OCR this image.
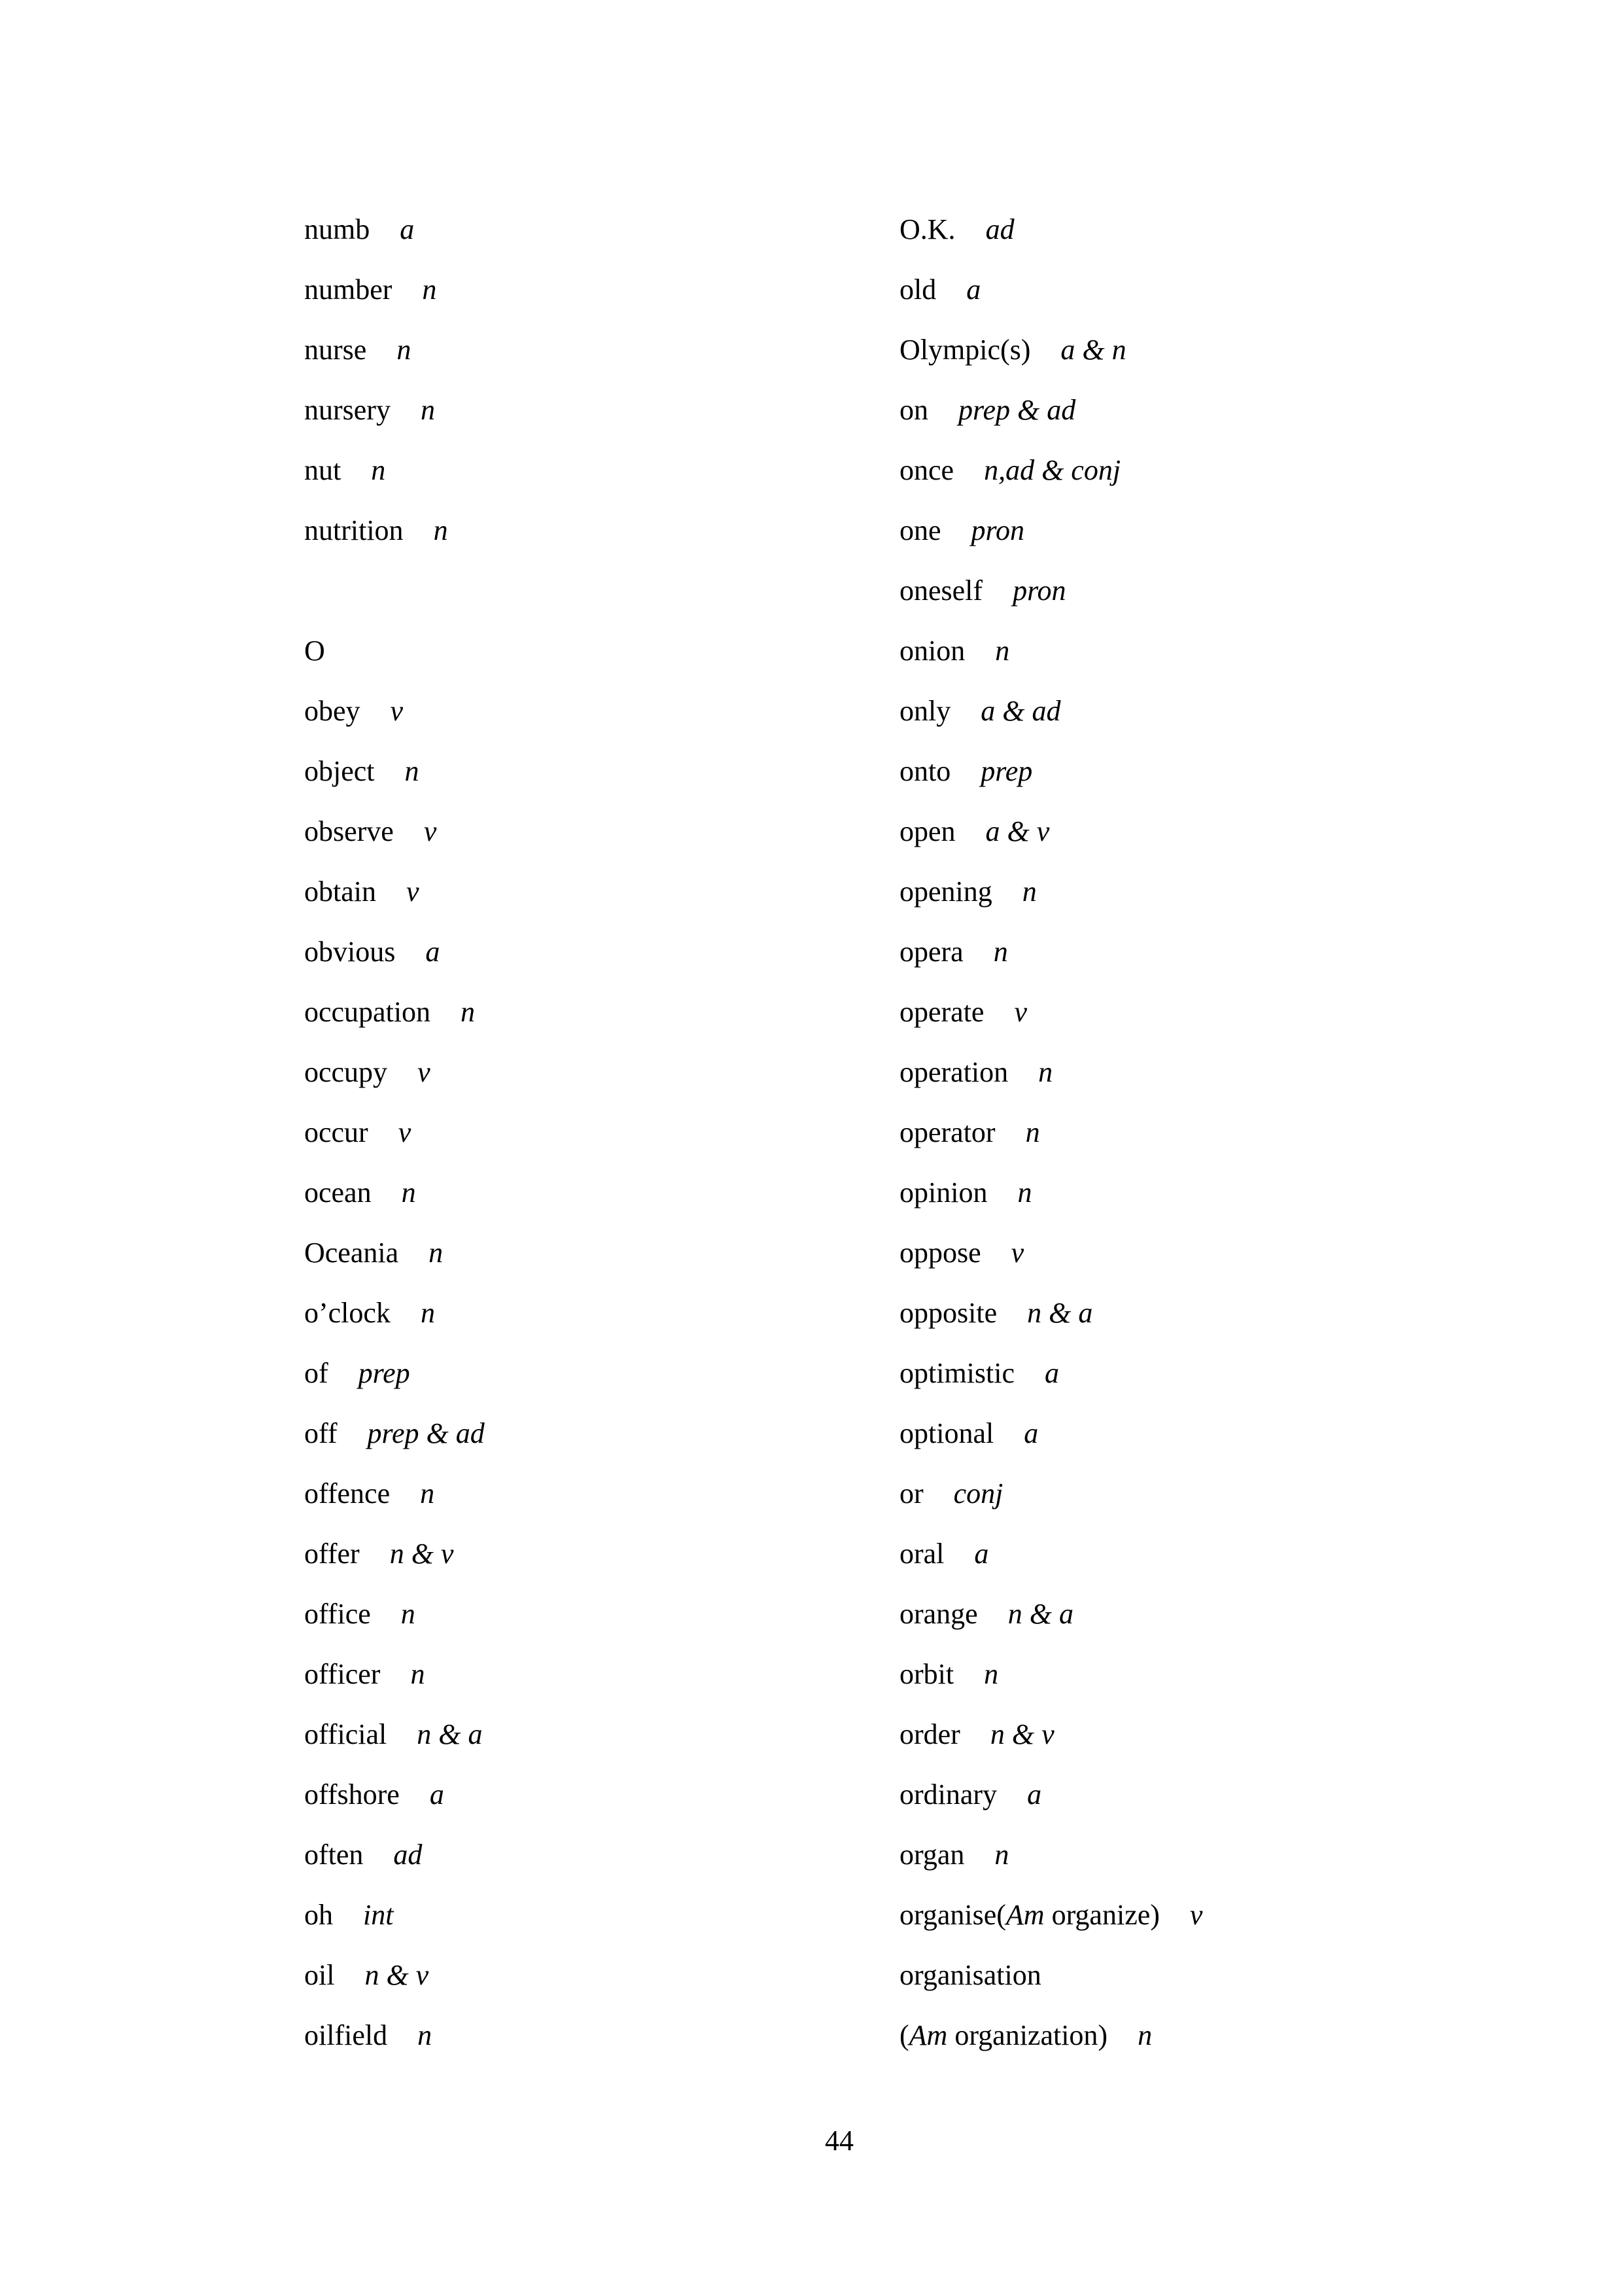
numb a
number n
nurse n
nursery n
nut n
nutrition n
O
obey v
object n
observe v
obtain v
obvious a
occupation n
occupy v
occur v
ocean n
Oceania n
o’clock n
of prep
off prep & ad
offence n
offer n & v
office n
officer n
official n & a
offshore a
often ad
oh int
oil n & v
oilfield n
O.K. ad
old a
Olympic(s) a & n
on prep & ad
once n,ad & conj
one pron
oneself pron
onion n
only a & ad
onto prep
open a & v
opening n
opera n
operate v
operation n
operator n
opinion n
oppose v
opposite n & a
optimistic a
optional a
or conj
oral a
orange n & a
orbit n
order n & v
ordinary a
organ n
organise(Am organize) v
organisation
(Am organization) n
44
